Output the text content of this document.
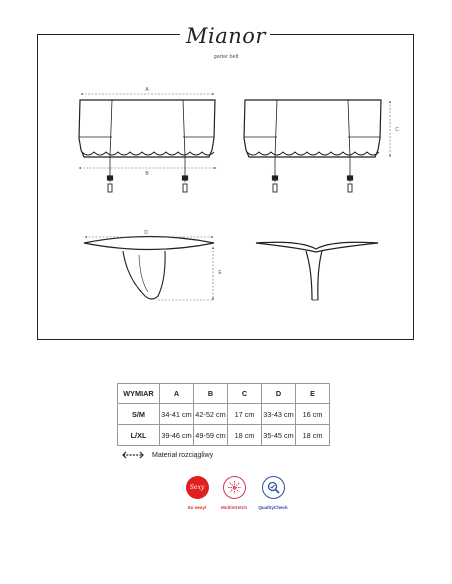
Mianor
garter belt
A
B
C
D
E
WYMIAR	A	B	C	D	E
S/M	34-41 cm	42-52 cm	17 cm	33-43 cm	16 cm
L/XL	39-46 cm	49-59 cm	18 cm	35-45 cm	18 cm
Materiał rozciągliwy
Sexy
So sexy!	Multistretch	QualityCheck
